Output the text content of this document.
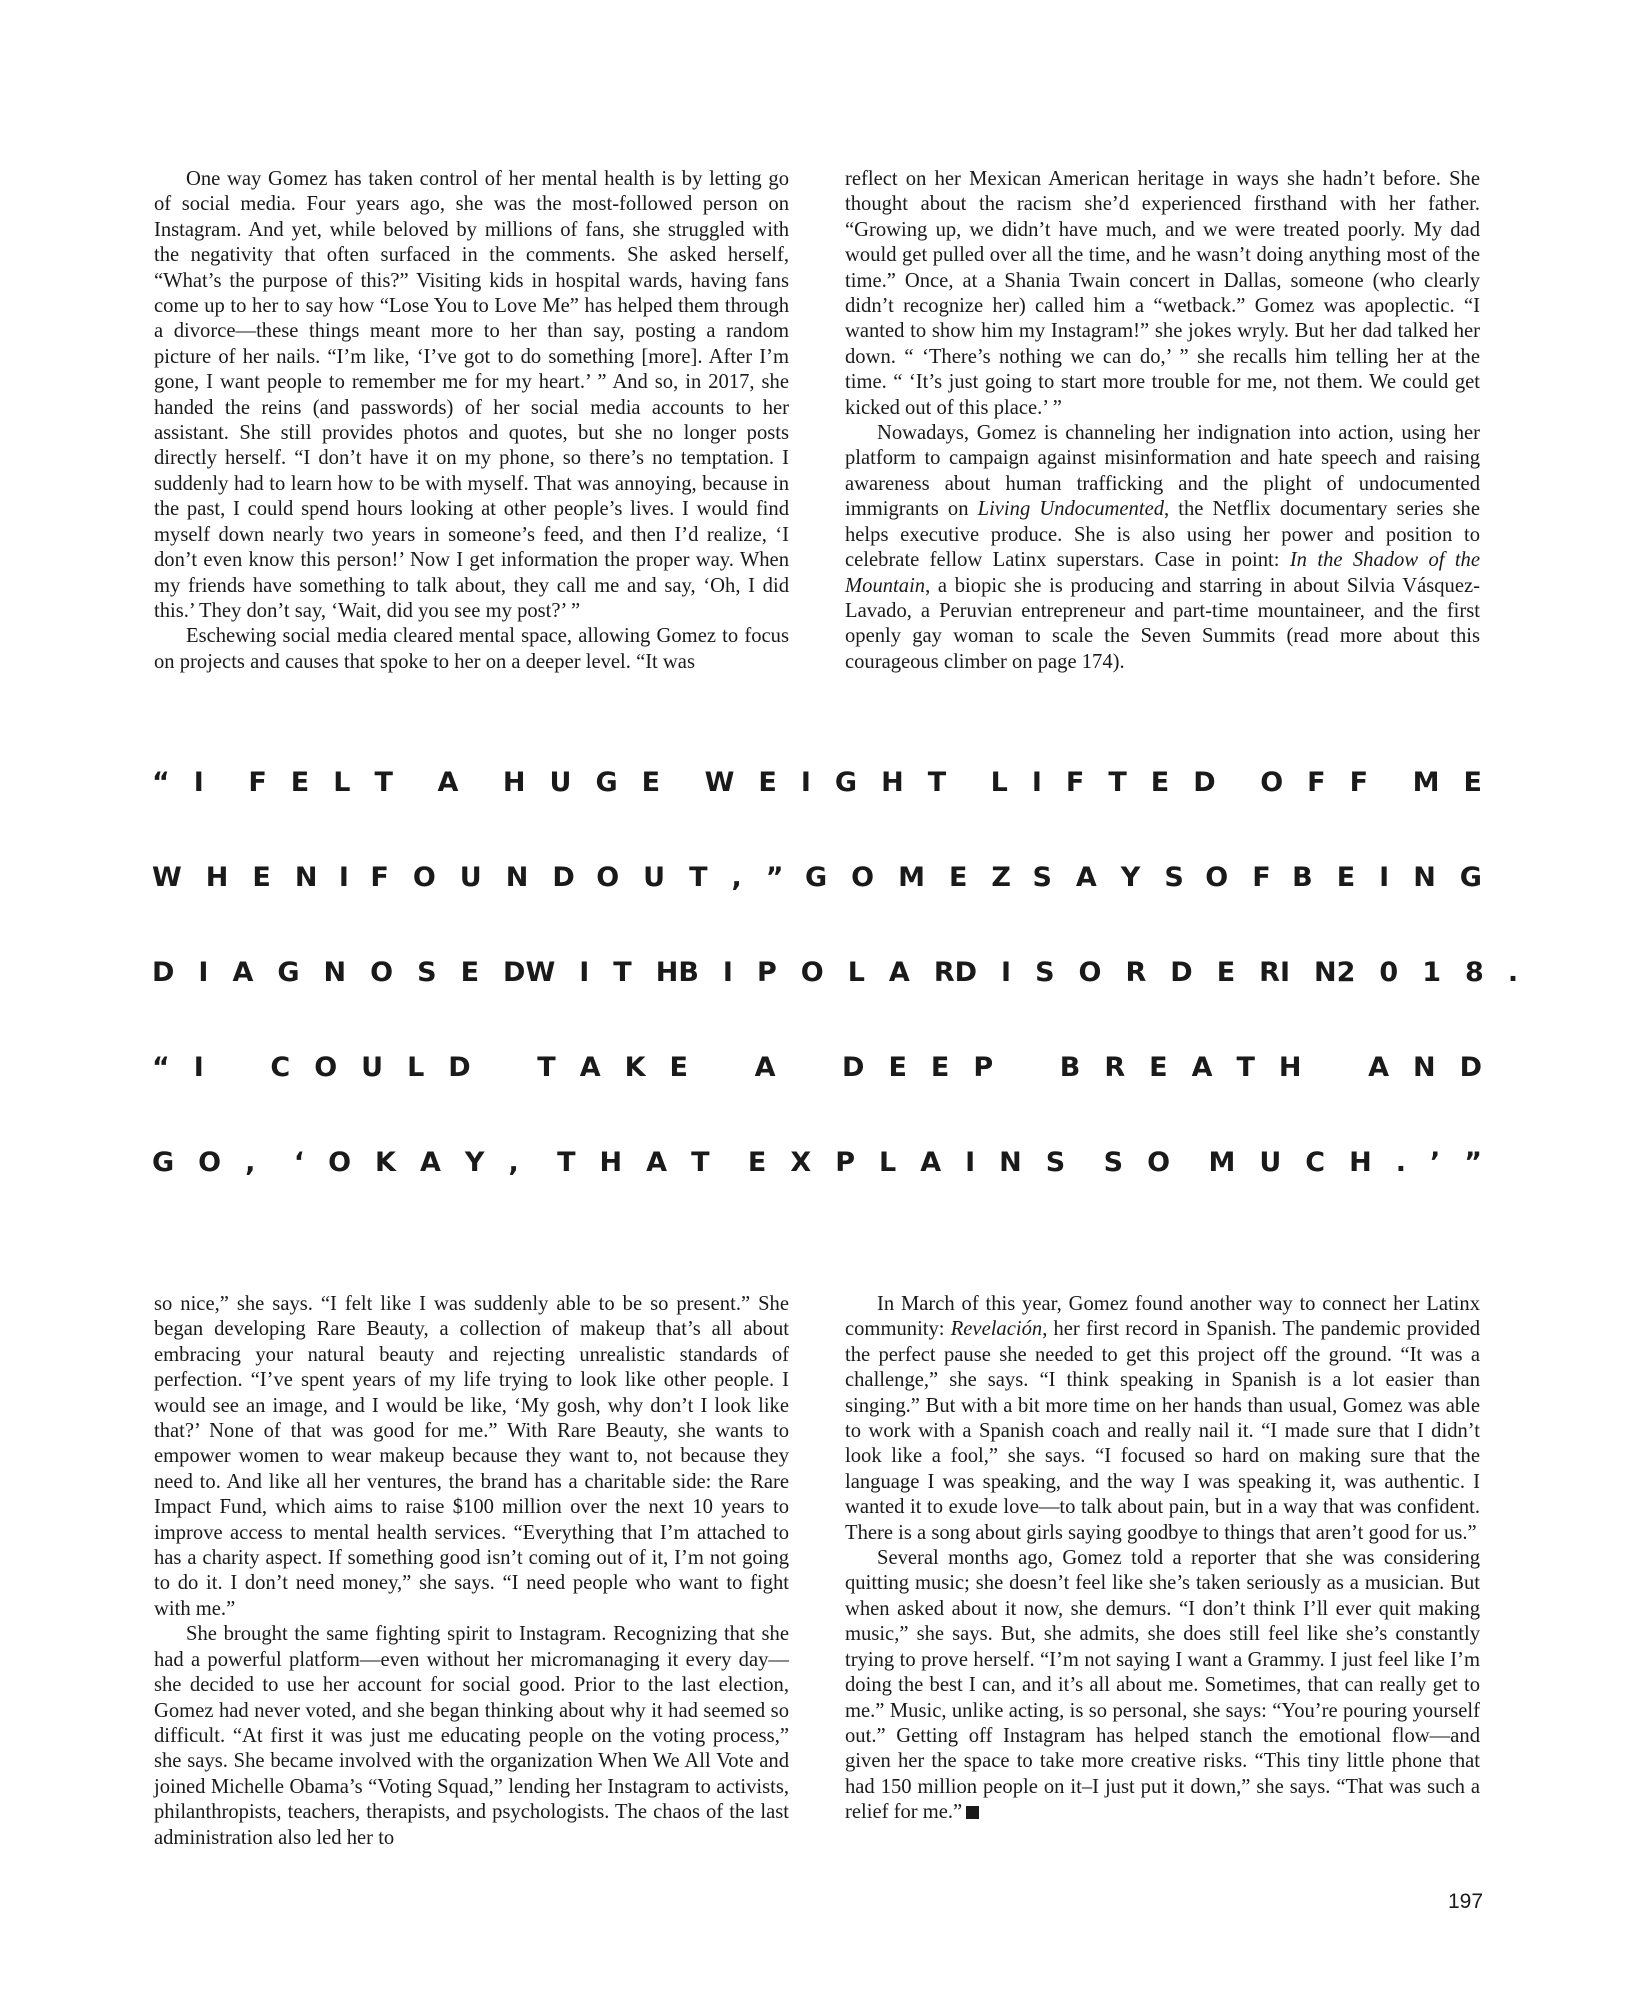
One way Gomez has taken control of her mental health is by letting go of social media. Four years ago, she was the most-followed person on Instagram. And yet, while beloved by millions of fans, she struggled with the negativity that often surfaced in the comments. She asked herself, “What’s the purpose of this?” Visiting kids in hospital wards, having fans come up to her to say how “Lose You to Love Me” has helped them through a divorce—these things meant more to her than say, posting a random picture of her nails. “I’m like, ‘I’ve got to do something [more]. After I’m gone, I want people to remember me for my heart.’ ” And so, in 2017, she handed the reins (and passwords) of her social media accounts to her assistant. She still provides photos and quotes, but she no longer posts directly herself. “I don’t have it on my phone, so there’s no temptation. I suddenly had to learn how to be with myself. That was annoying, because in the past, I could spend hours looking at other people’s lives. I would find myself down nearly two years in someone’s feed, and then I’d realize, ‘I don’t even know this person!’ Now I get information the proper way. When my friends have something to talk about, they call me and say, ‘Oh, I did this.’ They don’t say, ‘Wait, did you see my post?’ ”

Eschewing social media cleared mental space, allowing Gomez to focus on projects and causes that spoke to her on a deeper level. “It was

reflect on her Mexican American heritage in ways she hadn’t before. She thought about the racism she’d experienced firsthand with her father. “Growing up, we didn’t have much, and we were treated poorly. My dad would get pulled over all the time, and he wasn’t doing anything most of the time.” Once, at a Shania Twain concert in Dallas, someone (who clearly didn’t recognize her) called him a “wetback.” Gomez was apoplectic. “I wanted to show him my Instagram!” she jokes wryly. But her dad talked her down. “ ‘There’s nothing we can do,’ ” she recalls him telling her at the time. “ ‘It’s just going to start more trouble for me, not them. We could get kicked out of this place.’ ”

Nowadays, Gomez is channeling her indignation into action, using her platform to campaign against misinformation and hate speech and raising awareness about human trafficking and the plight of undocumented immigrants on Living Undocumented, the Netflix documentary series she helps executive produce. She is also using her power and position to celebrate fellow Latinx superstars. Case in point: In the Shadow of the Mountain, a biopic she is producing and starring in about Silvia Vásquez-Lavado, a Peruvian entrepreneur and part-time mountaineer, and the first openly gay woman to scale the Seven Summits (read more about this courageous climber on page 174).

“ I F E L T A H U G E W E I G H T L I F T E D O F F M E
W H E N I F O U N D O U T , ” G O M E Z S A Y S O F B E I N G
D I A G N O S E D W I T H B I P O L A R D I S O R D E R I N 2 0 1 8 .
“ I C O U L D T A K E A D E E P B R E A T H A N D
G O , ‘ O K A Y , T H A T E X P L A I N S S O M U C H . ’ ”

so nice,” she says. “I felt like I was suddenly able to be so present.” She began developing Rare Beauty, a collection of makeup that’s all about embracing your natural beauty and rejecting unrealistic standards of perfection. “I’ve spent years of my life trying to look like other people. I would see an image, and I would be like, ‘My gosh, why don’t I look like that?’ None of that was good for me.” With Rare Beauty, she wants to empower women to wear makeup because they want to, not because they need to. And like all her ventures, the brand has a charitable side: the Rare Impact Fund, which aims to raise $100 million over the next 10 years to improve access to mental health services. “Everything that I’m attached to has a charity aspect. If something good isn’t coming out of it, I’m not going to do it. I don’t need money,” she says. “I need people who want to fight with me.”

She brought the same fighting spirit to Instagram. Recognizing that she had a powerful platform—even without her micromanaging it every day—she decided to use her account for social good. Prior to the last election, Gomez had never voted, and she began thinking about why it had seemed so difficult. “At first it was just me educating people on the voting process,” she says. She became involved with the organization When We All Vote and joined Michelle Obama’s “Voting Squad,” lending her Instagram to activists, philanthropists, teachers, therapists, and psychologists. The chaos of the last administration also led her to

In March of this year, Gomez found another way to connect her Latinx community: Revelación, her first record in Spanish. The pandemic provided the perfect pause she needed to get this project off the ground. “It was a challenge,” she says. “I think speaking in Spanish is a lot easier than singing.” But with a bit more time on her hands than usual, Gomez was able to work with a Spanish coach and really nail it. “I made sure that I didn’t look like a fool,” she says. “I focused so hard on making sure that the language I was speaking, and the way I was speaking it, was authentic. I wanted it to exude love—to talk about pain, but in a way that was confident. There is a song about girls saying goodbye to things that aren’t good for us.”

Several months ago, Gomez told a reporter that she was considering quitting music; she doesn’t feel like she’s taken seriously as a musician. But when asked about it now, she demurs. “I don’t think I’ll ever quit making music,” she says. But, she admits, she does still feel like she’s constantly trying to prove herself. “I’m not saying I want a Grammy. I just feel like I’m doing the best I can, and it’s all about me. Sometimes, that can really get to me.” Music, unlike acting, is so personal, she says: “You’re pouring yourself out.” Getting off Instagram has helped stanch the emotional flow—and given her the space to take more creative risks. “This tiny little phone that had 150 million people on it–I just put it down,” she says. “That was such a relief for me.”

197
